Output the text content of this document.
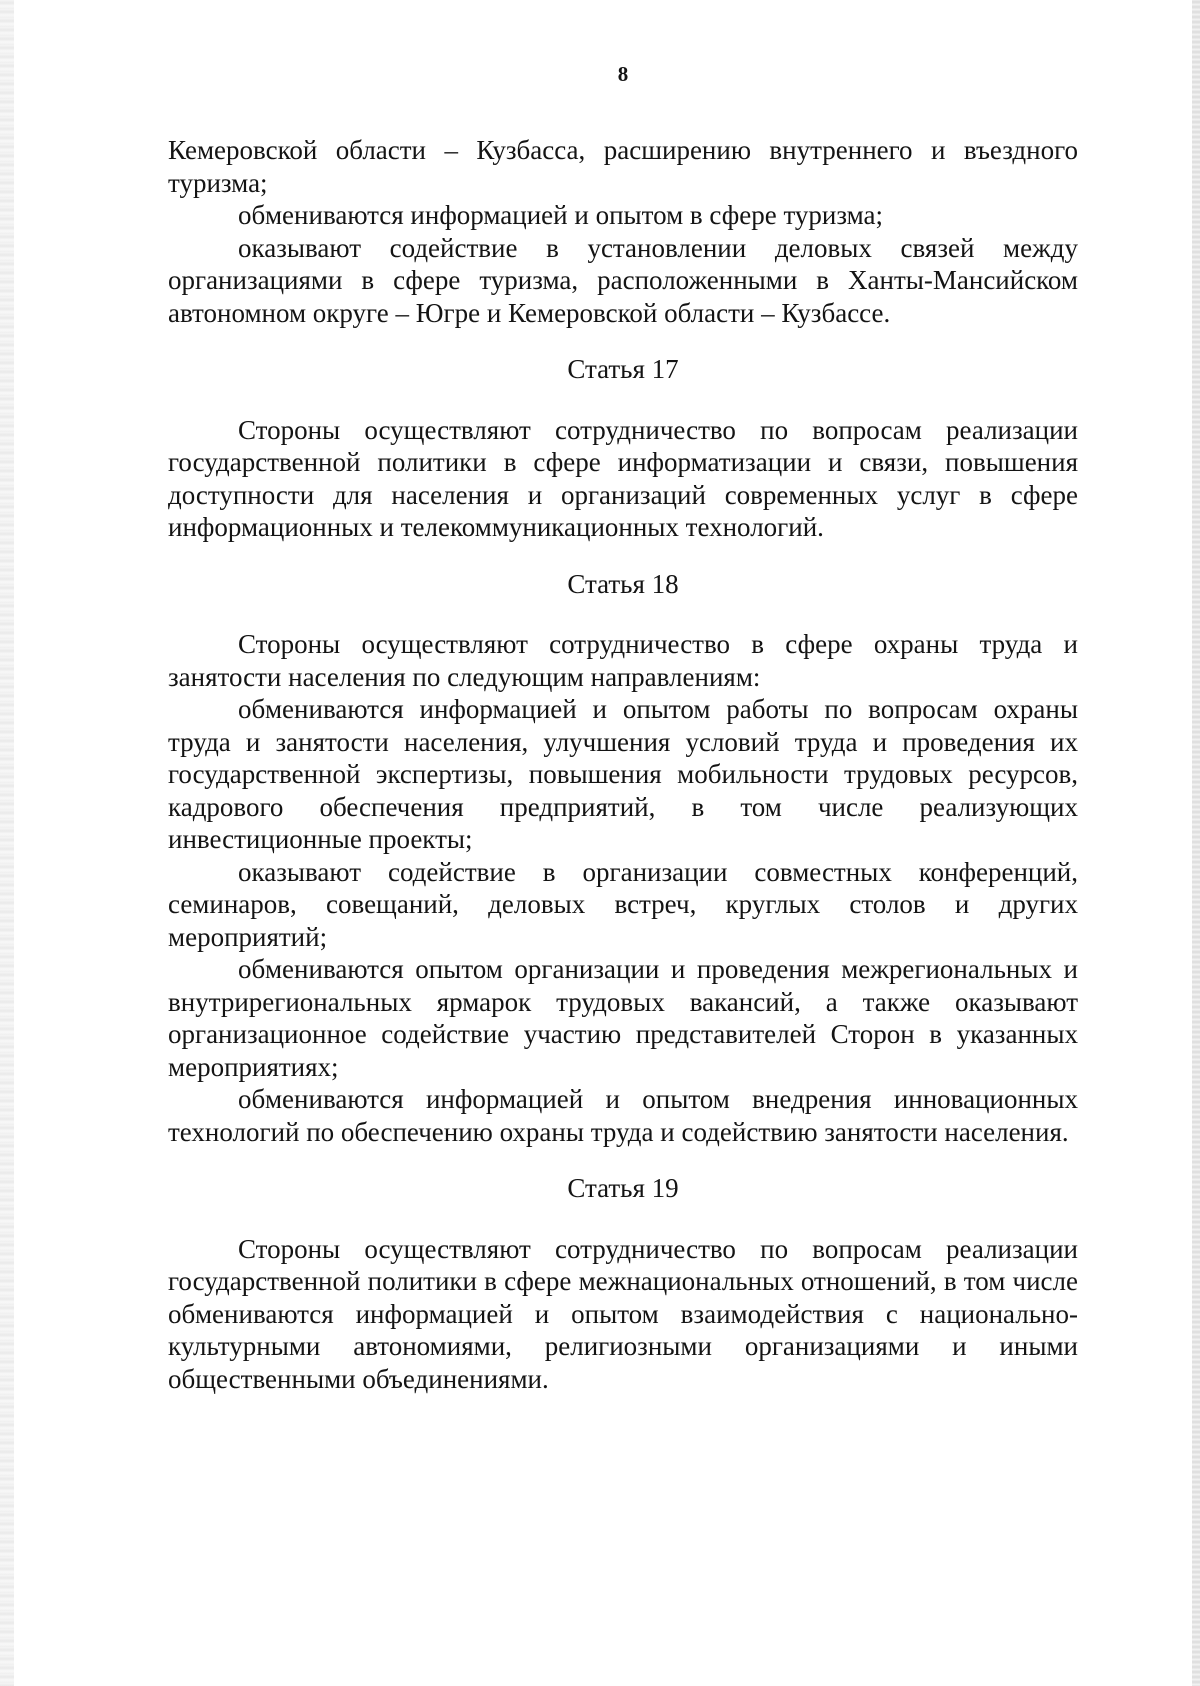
8

Кемеровской области – Кузбасса, расширению внутреннего и въездного туризма;

обмениваются информацией и опытом в сфере туризма;

оказывают содействие в установлении деловых связей между организациями в сфере туризма, расположенными в Ханты-Мансийском автономном округе – Югре и Кемеровской области – Кузбассе.

Статья 17

Стороны осуществляют сотрудничество по вопросам реализации государственной политики в сфере информатизации и связи, повышения доступности для населения и организаций современных услуг в сфере информационных и телекоммуникационных технологий.

Статья 18

Стороны осуществляют сотрудничество в сфере охраны труда и занятости населения по следующим направлениям:

обмениваются информацией и опытом работы по вопросам охраны труда и занятости населения, улучшения условий труда и проведения их государственной экспертизы, повышения мобильности трудовых ресурсов, кадрового обеспечения предприятий, в том числе реализующих инвестиционные проекты;

оказывают содействие в организации совместных конференций, семинаров, совещаний, деловых встреч, круглых столов и других мероприятий;

обмениваются опытом организации и проведения межрегиональных и внутрирегиональных ярмарок трудовых вакансий, а также оказывают организационное содействие участию представителей Сторон в указанных мероприятиях;

обмениваются информацией и опытом внедрения инновационных технологий по обеспечению охраны труда и содействию занятости населения.

Статья 19

Стороны осуществляют сотрудничество по вопросам реализации государственной политики в сфере межнациональных отношений, в том числе обмениваются информацией и опытом взаимодействия с национально-культурными автономиями, религиозными организациями и иными общественными объединениями.
